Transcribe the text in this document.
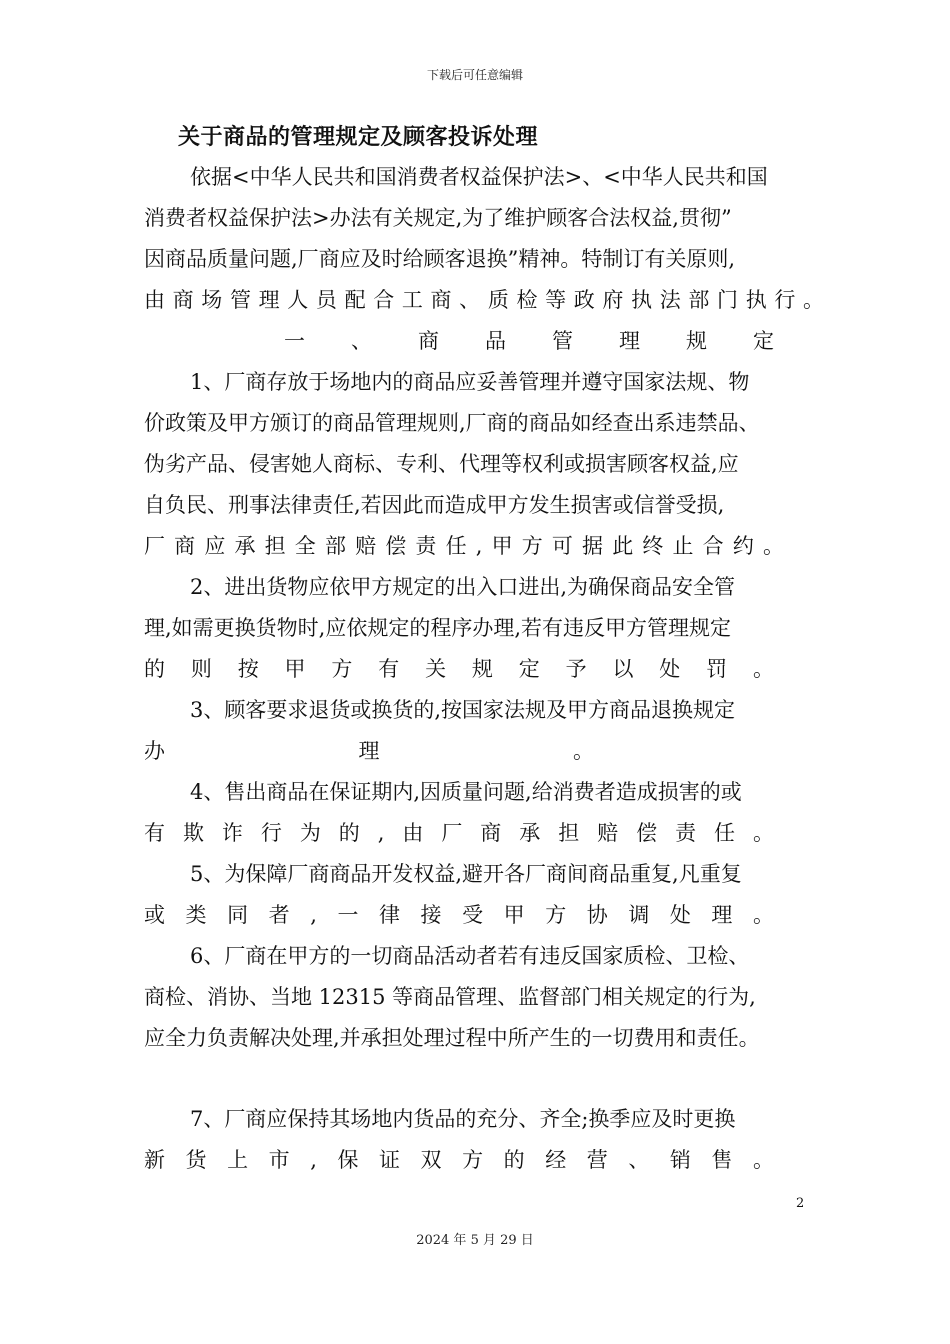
下载后可任意编辑
关于商品的管理规定及顾客投诉处理

依据<中华人民共和国消费者权益保护法>、<中华人民共和国

消费者权益保护法>办法有关规定,为了维护顾客合法权益,贯彻”

因商品质量问题,厂商应及时给顾客退换”精神。特制订有关原则,

由商场管理人员配合工商、质检等政府执法部门执行。

一、商品管理规定

1、厂商存放于场地内的商品应妥善管理并遵守国家法规、物

价政策及甲方颁订的商品管理规则,厂商的商品如经查出系违禁品、

伪劣产品、侵害她人商标、专利、代理等权利或损害顾客权益,应

自负民、刑事法律责任,若因此而造成甲方发生损害或信誉受损,

厂商应承担全部赔偿责任,甲方可据此终止合约。

2、进出货物应依甲方规定的出入口进出,为确保商品安全管

理,如需更换货物时,应依规定的程序办理,若有违反甲方管理规定

的则按甲方有关规定予以处罚。

3、顾客要求退货或换货的,按国家法规及甲方商品退换规定

办理。

4、售出商品在保证期内,因质量问题,给消费者造成损害的或

有欺诈行为的,由厂商承担赔偿责任。

5、为保障厂商商品开发权益,避开各厂商间商品重复,凡重复

或类同者,一律接受甲方协调处理。

6、厂商在甲方的一切商品活动者若有违反国家质检、卫检、

商检、消协、当地 12315 等商品管理、监督部门相关规定的行为,

应全力负责解决处理,并承担处理过程中所产生的一切费用和责任。

7、厂商应保持其场地内货品的充分、齐全;换季应及时更换

新货上市,保证双方的经营、销售。

2
2024 年 5 月 29 日
